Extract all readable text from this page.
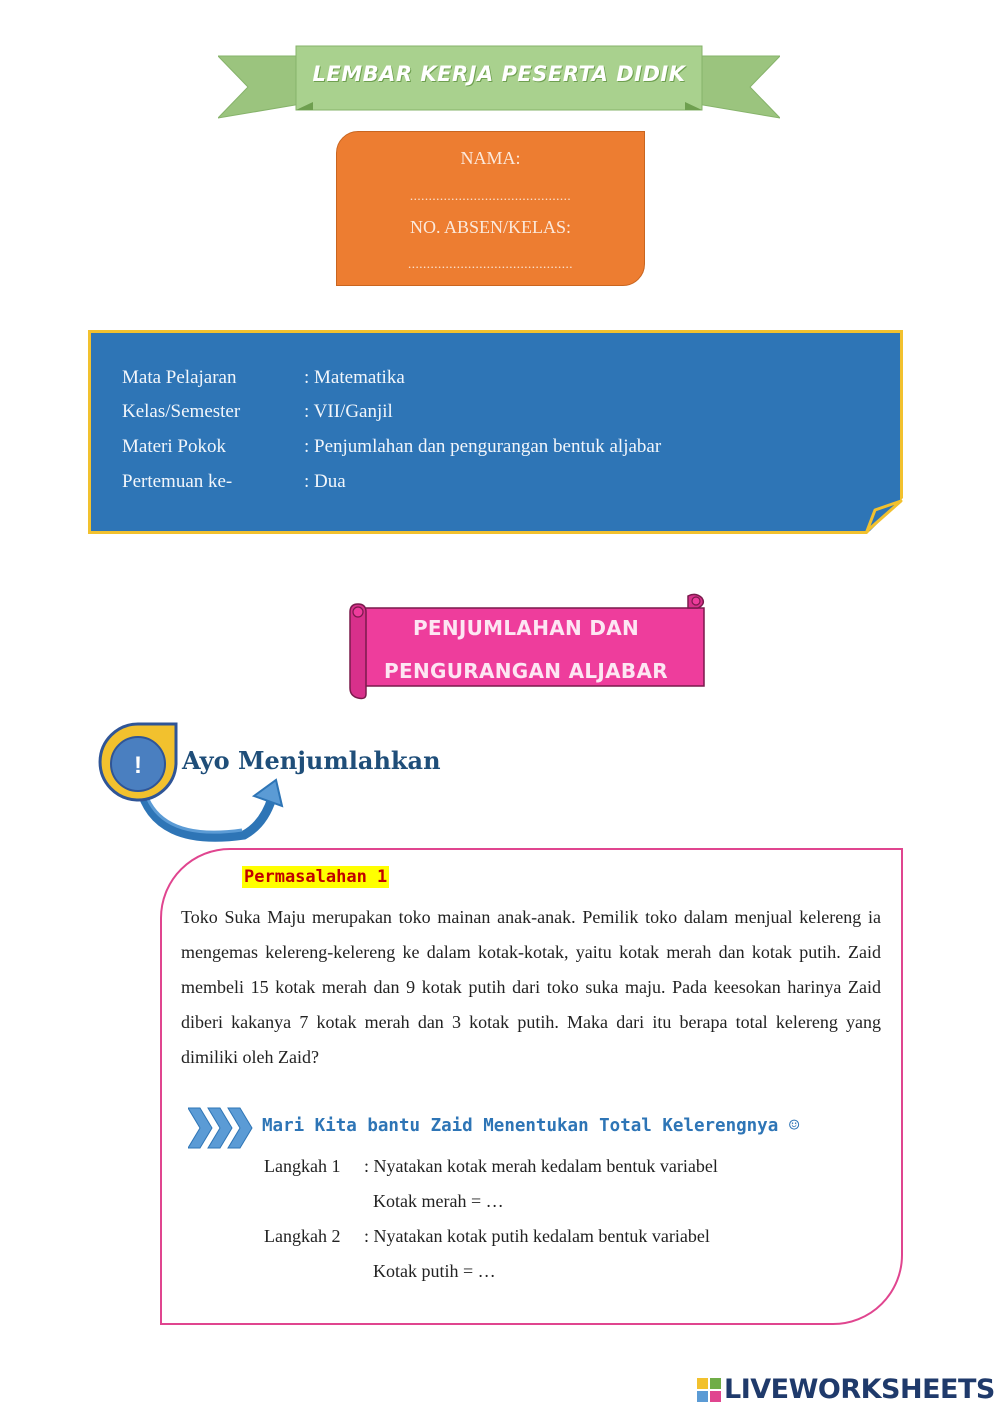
LEMBAR KERJA PESERTA DIDIK
NAMA:
...........................................
NO. ABSEN/KELAS:
............................................
Mata Pelajaran	: Matematika
Kelas/Semester	: VII/Ganjil
Materi Pokok	: Penjumlahan dan pengurangan bentuk aljabar
Pertemuan ke-	: Dua
PENJUMLAHAN DAN
PENGURANGAN ALJABAR
! Ayo Menjumlahkan
Permasalahan 1
Toko Suka Maju merupakan toko mainan anak-anak. Pemilik toko dalam menjual kelereng ia mengemas kelereng-kelereng ke dalam kotak-kotak, yaitu kotak merah dan kotak putih. Zaid membeli 15 kotak merah dan 9 kotak putih dari toko suka maju. Pada keesokan harinya Zaid diberi kakanya 7 kotak merah dan 3 kotak putih. Maka dari itu berapa total kelereng yang dimiliki oleh Zaid?
Mari Kita bantu Zaid Menentukan Total Kelerengnya ☺
Langkah 1 : Nyatakan kotak merah kedalam bentuk variabel
Kotak merah = …
Langkah 2 : Nyatakan kotak putih kedalam bentuk variabel
Kotak putih = …
LIVEWORKSHEETS
